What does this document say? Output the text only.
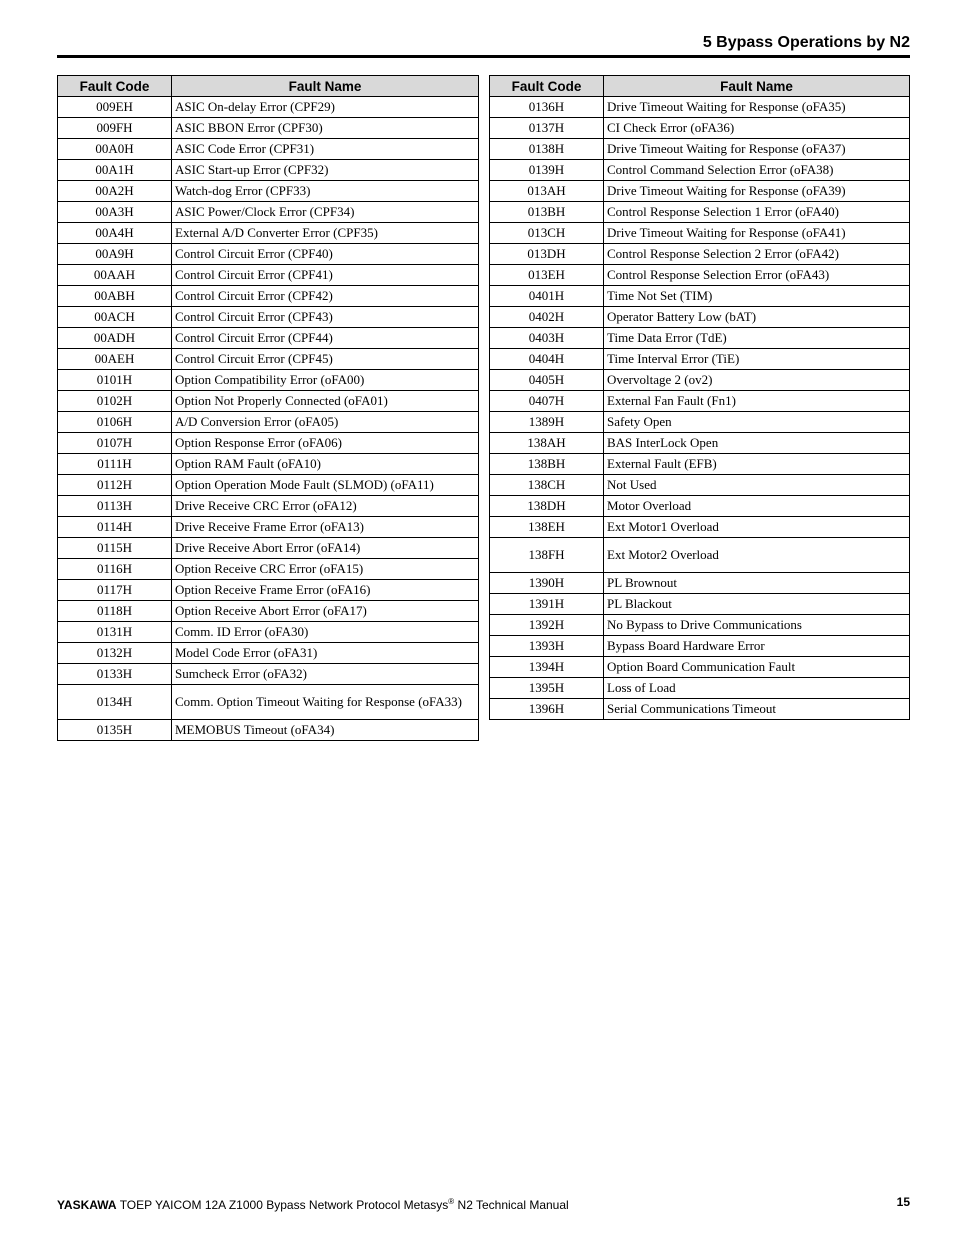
5 Bypass Operations by N2
Fault Code	Fault Name
009EH	ASIC On-delay Error (CPF29)
009FH	ASIC BBON Error (CPF30)
00A0H	ASIC Code Error (CPF31)
00A1H	ASIC Start-up Error (CPF32)
00A2H	Watch-dog Error (CPF33)
00A3H	ASIC Power/Clock Error (CPF34)
00A4H	External A/D Converter Error (CPF35)
00A9H	Control Circuit Error (CPF40)
00AAH	Control Circuit Error (CPF41)
00ABH	Control Circuit Error (CPF42)
00ACH	Control Circuit Error (CPF43)
00ADH	Control Circuit Error (CPF44)
00AEH	Control Circuit Error (CPF45)
0101H	Option Compatibility Error (oFA00)
0102H	Option Not Properly Connected (oFA01)
0106H	A/D Conversion Error (oFA05)
0107H	Option Response Error (oFA06)
0111H	Option RAM Fault (oFA10)
0112H	Option Operation Mode Fault (SLMOD) (oFA11)
0113H	Drive Receive CRC Error (oFA12)
0114H	Drive Receive Frame Error (oFA13)
0115H	Drive Receive Abort Error (oFA14)
0116H	Option Receive CRC Error (oFA15)
0117H	Option Receive Frame Error (oFA16)
0118H	Option Receive Abort Error (oFA17)
0131H	Comm. ID Error (oFA30)
0132H	Model Code Error (oFA31)
0133H	Sumcheck Error (oFA32)
0134H	Comm. Option Timeout Waiting for Response (oFA33)
0135H	MEMOBUS Timeout (oFA34)
Fault Code	Fault Name
0136H	Drive Timeout Waiting for Response (oFA35)
0137H	CI Check Error (oFA36)
0138H	Drive Timeout Waiting for Response (oFA37)
0139H	Control Command Selection Error (oFA38)
013AH	Drive Timeout Waiting for Response (oFA39)
013BH	Control Response Selection 1 Error (oFA40)
013CH	Drive Timeout Waiting for Response (oFA41)
013DH	Control Response Selection 2 Error (oFA42)
013EH	Control Response Selection Error (oFA43)
0401H	Time Not Set (TIM)
0402H	Operator Battery Low (bAT)
0403H	Time Data Error (TdE)
0404H	Time Interval Error (TiE)
0405H	Overvoltage 2 (ov2)
0407H	External Fan Fault (Fn1)
1389H	Safety Open
138AH	BAS InterLock Open
138BH	External Fault (EFB)
138CH	Not Used
138DH	Motor Overload
138EH	Ext Motor1 Overload
138FH	Ext Motor2 Overload
1390H	PL Brownout
1391H	PL Blackout
1392H	No Bypass to Drive Communications
1393H	Bypass Board Hardware Error
1394H	Option Board Communication Fault
1395H	Loss of Load
1396H	Serial Communications Timeout
YASKAWA TOEP YAICOM 12A Z1000 Bypass Network Protocol Metasys® N2 Technical Manual	15
